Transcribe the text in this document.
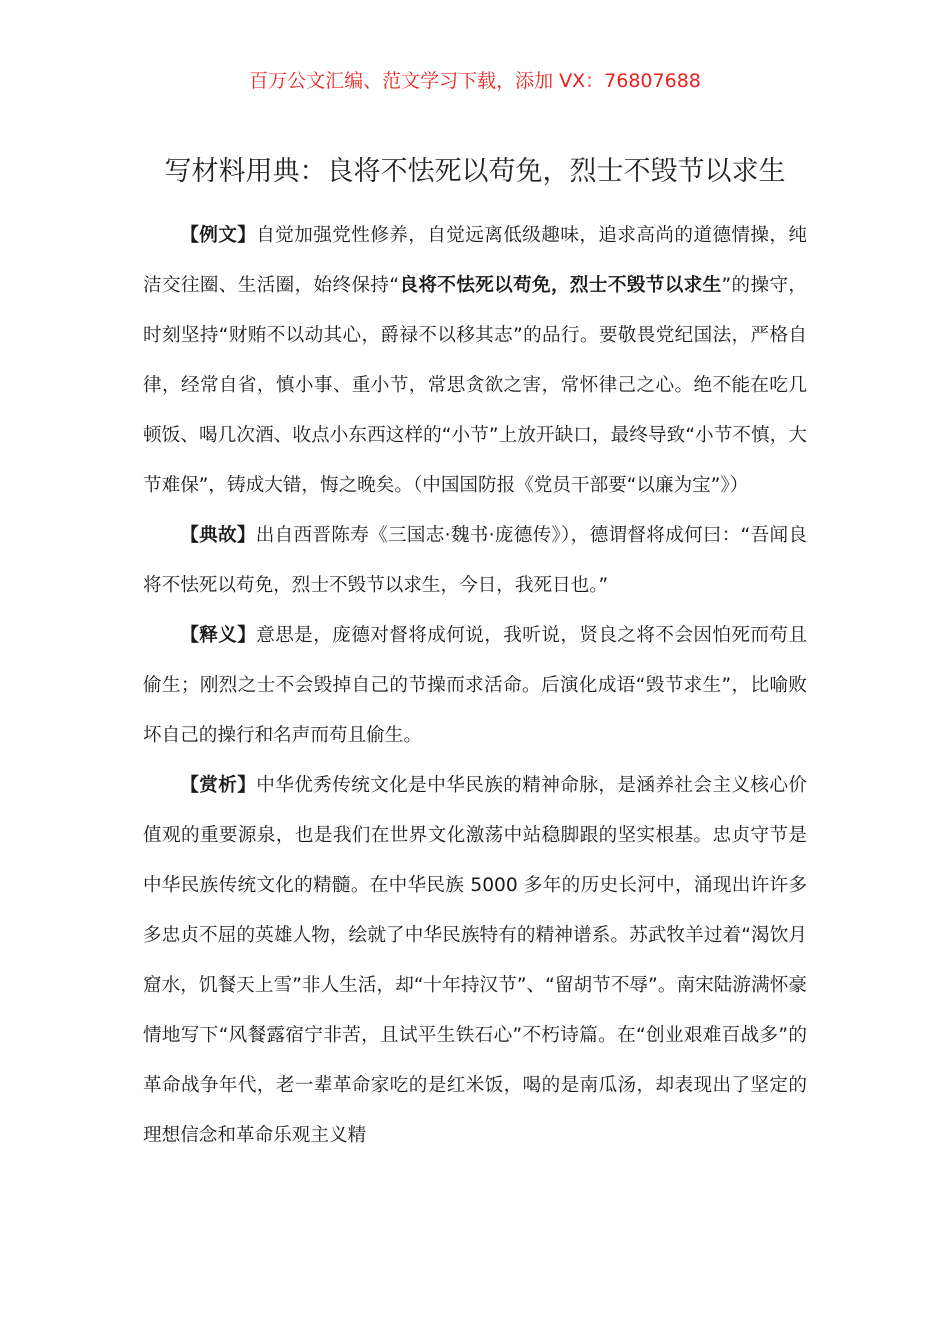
百万公文汇编、范文学习下载，添加 VX：76807688
写材料用典：良将不怯死以苟免，烈士不毁节以求生

【例文】自觉加强党性修养，自觉远离低级趣味，追求高尚的道德情操，纯洁交往圈、生活圈，始终保持“良将不怯死以苟免，烈士不毁节以求生”的操守，时刻坚持“财贿不以动其心，爵禄不以移其志”的品行。要敬畏党纪国法，严格自律，经常自省，慎小事、重小节，常思贪欲之害，常怀律己之心。绝不能在吃几顿饭、喝几次酒、收点小东西这样的“小节”上放开缺口，最终导致“小节不慎，大节难保”，铸成大错，悔之晚矣。（中国国防报《党员干部要“以廉为宝”》）

【典故】出自西晋陈寿《三国志·魏书·庞德传》），德谓督将成何曰：“吾闻良将不怯死以苟免，烈士不毁节以求生，今日，我死日也。”

【释义】意思是，庞德对督将成何说，我听说，贤良之将不会因怕死而苟且偷生；刚烈之士不会毁掉自己的节操而求活命。后演化成语“毁节求生”，比喻败坏自己的操行和名声而苟且偷生。

【赏析】中华优秀传统文化是中华民族的精神命脉，是涵养社会主义核心价值观的重要源泉，也是我们在世界文化激荡中站稳脚跟的坚实根基。忠贞守节是中华民族传统文化的精髓。在中华民族 5000 多年的历史长河中，涌现出许许多多忠贞不屈的英雄人物，绘就了中华民族特有的精神谱系。苏武牧羊过着“渴饮月窟水，饥餐天上雪”非人生活，却“十年持汉节”、“留胡节不辱”。南宋陆游满怀豪情地写下“风餐露宿宁非苦，且试平生铁石心”不朽诗篇。在“创业艰难百战多”的革命战争年代，老一辈革命家吃的是红米饭，喝的是南瓜汤，却表现出了坚定的理想信念和革命乐观主义精
